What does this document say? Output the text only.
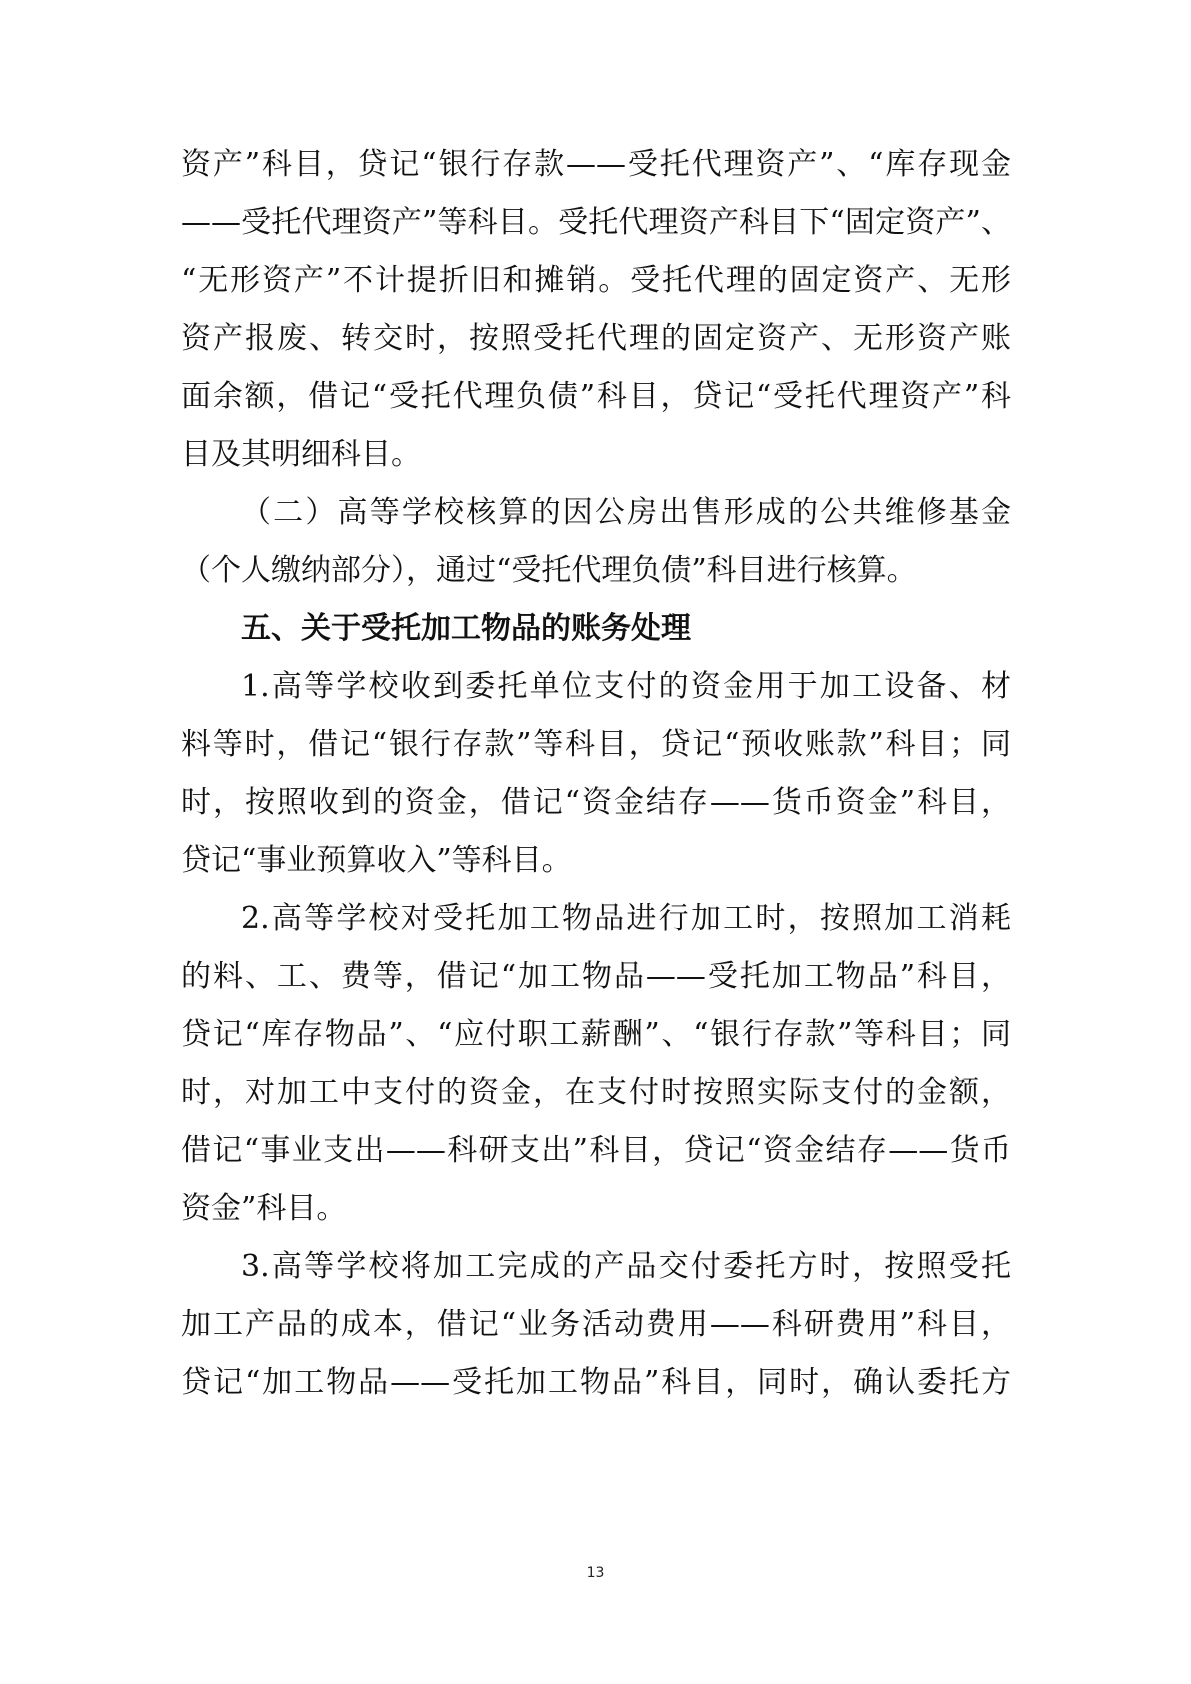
资产”科目，贷记“银行存款——受托代理资产”、“库存现金
——受托代理资产”等科目。受托代理资产科目下“固定资产”、
“无形资产”不计提折旧和摊销。受托代理的固定资产、无形
资产报废、转交时，按照受托代理的固定资产、无形资产账
面余额，借记“受托代理负债”科目，贷记“受托代理资产”科
目及其明细科目。
（二）高等学校核算的因公房出售形成的公共维修基金
（个人缴纳部分），通过“受托代理负债”科目进行核算。
五、关于受托加工物品的账务处理
1.高等学校收到委托单位支付的资金用于加工设备、材
料等时，借记“银行存款”等科目，贷记“预收账款”科目；同
时，按照收到的资金，借记“资金结存——货币资金”科目，
贷记“事业预算收入”等科目。
2.高等学校对受托加工物品进行加工时，按照加工消耗
的料、工、费等，借记“加工物品——受托加工物品”科目，
贷记“库存物品”、“应付职工薪酬”、“银行存款”等科目；同
时，对加工中支付的资金，在支付时按照实际支付的金额，
借记“事业支出——科研支出”科目，贷记“资金结存——货币
资金”科目。
3.高等学校将加工完成的产品交付委托方时，按照受托
加工产品的成本，借记“业务活动费用——科研费用”科目，
贷记“加工物品——受托加工物品”科目，同时，确认委托方
13
